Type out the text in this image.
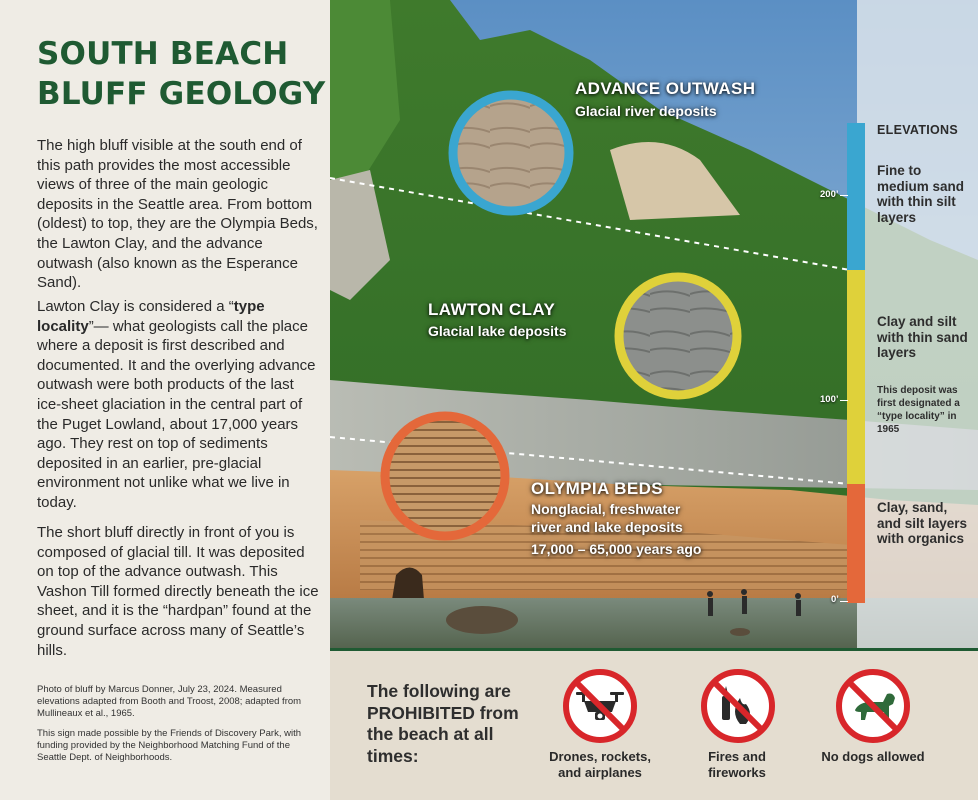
SOUTH BEACH BLUFF GEOLOGY

The high bluff visible at the south end of this path provides the most accessible views of three of the main geologic deposits in the Seattle area. From bottom (oldest) to top, they are the Olympia Beds, the Lawton Clay, and the advance outwash (also known as the Esperance Sand).

Lawton Clay is considered a “type locality”— what geologists call the place where a deposit is first described and documented. It and the overlying advance outwash were both products of the last ice-sheet glaciation in the central part of the Puget Lowland, about 17,000 years ago. They rest on top of sediments deposited in an earlier, pre-glacial environment not unlike what we live in today.

The short bluff directly in front of you is composed of glacial till. It was deposited on top of the advance outwash. This Vashon Till formed directly beneath the ice sheet, and it is the “hardpan” found at the ground surface across many of Seattle’s hills.

Photo of bluff by Marcus Donner, July 23, 2024. Measured elevations adapted from Booth and Troost, 2008; adapted from Mullineaux et al., 1965.

This sign made possible by the Friends of Discovery Park, with funding provided by the Neighborhood Matching Fund of the Seattle Dept. of Neighborhoods.

ADVANCE OUTWASH
Glacial river deposits
LAWTON CLAY
Glacial lake deposits
OLYMPIA BEDS
Nonglacial, freshwater
river and lake deposits
17,000 – 65,000 years ago
ELEVATIONS
200’
100’
0’
Fine to medium sand with thin silt layers
Clay and silt with thin sand layers
This deposit was first designated a “type locality” in 1965
Clay, sand, and silt layers with organics
The following are PROHIBITED from the beach at all times:	Drones, rockets, and airplanes
Fires and fireworks
No dogs allowed
